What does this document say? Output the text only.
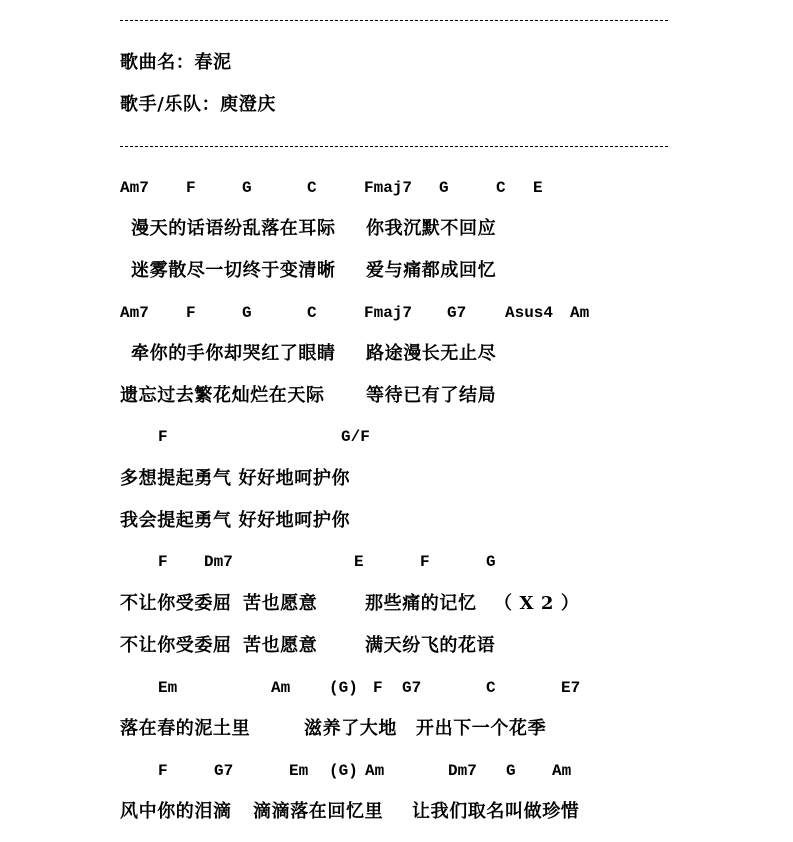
歌曲名：春泥
歌手/乐队：庾澄庆
Am7 F	G	C	Fmaj7 G	C E
漫天的话语纷乱落在耳际 你我沉默不回应
迷雾散尽一切终于变清晰 爱与痛都成回忆
Am7 F	G	C	Fmaj7 G7 Asus4 Am
牵你的手你却哭红了眼睛 路途漫长无止尽
遗忘过去繁花灿烂在天际 等待已有了结局
F	G/F
多想提起勇气 好好地呵护你
我会提起勇气 好好地呵护你
F Dm7	E	F	G
不让你受委屈 苦也愿意	那些痛的记忆 （ X 2 ）
不让你受委屈 苦也愿意	满天纷飞的花语
Em	Am (G) F G7	C	E7
落在春的泥土里	滋养了大地 开出下一个花季
F	G7	Em (G) Am	Dm7 G Am
风中你的泪滴 滴滴落在回忆里 让我们取名叫做珍惜
